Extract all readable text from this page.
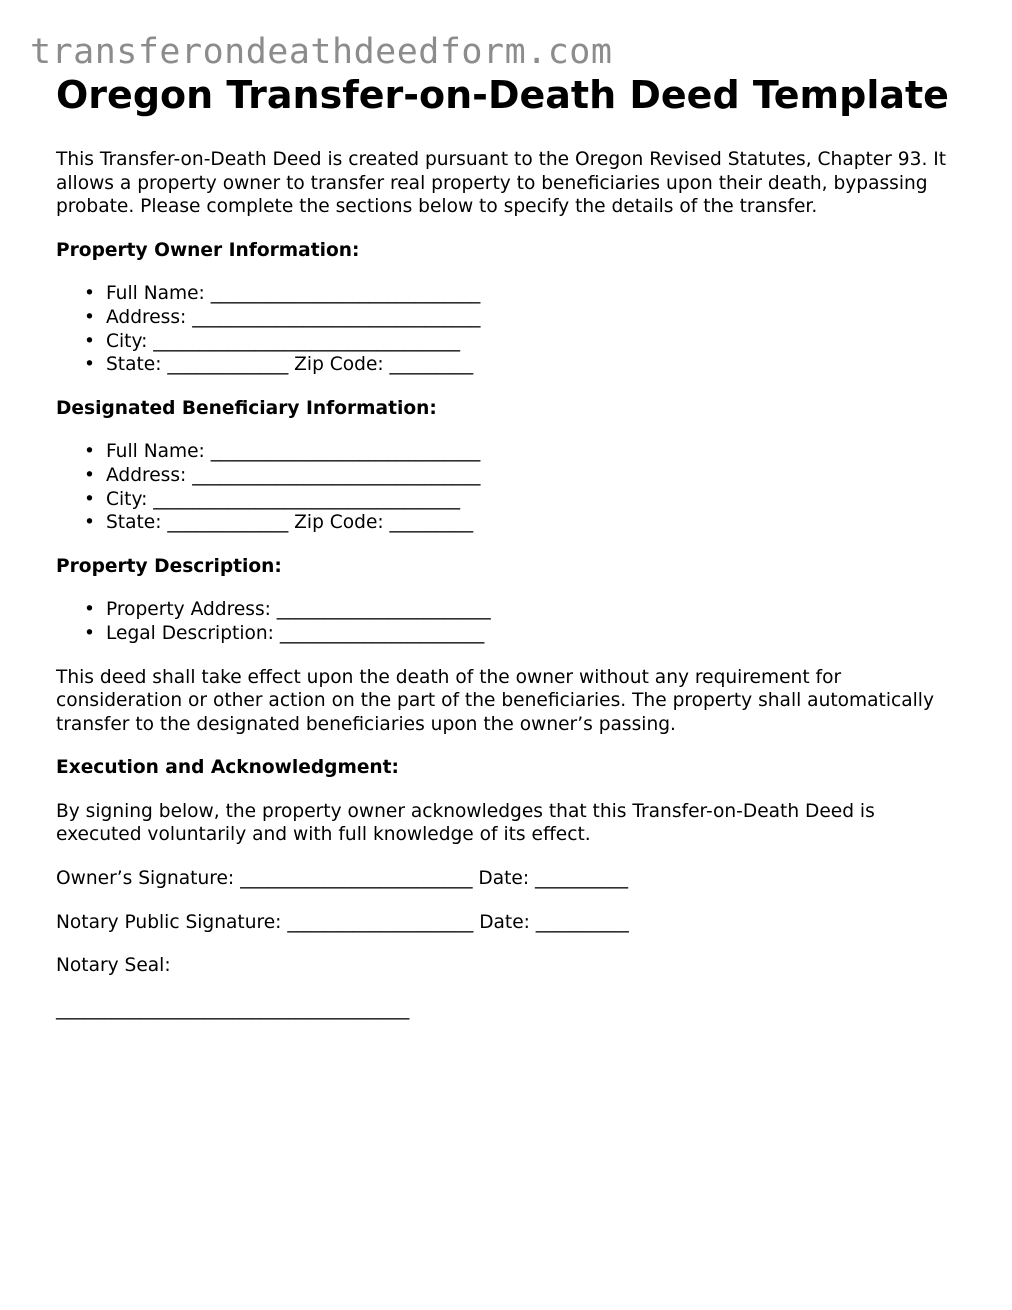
transferondeathdeedform.com
Oregon Transfer-on-Death Deed Template

This Transfer-on-Death Deed is created pursuant to the Oregon Revised Statutes, Chapter 93. It allows a property owner to transfer real property to beneficiaries upon their death, bypassing probate. Please complete the sections below to specify the details of the transfer.

Property Owner Information:
• Full Name: _____________________________
• Address: _______________________________
• City: _________________________________
• State: _____________ Zip Code: _________
Designated Beneficiary Information:
• Full Name: _____________________________
• Address: _______________________________
• City: _________________________________
• State: _____________ Zip Code: _________
Property Description:
• Property Address: _______________________
• Legal Description: ______________________

This deed shall take effect upon the death of the owner without any requirement for consideration or other action on the part of the beneficiaries. The property shall automatically transfer to the designated beneficiaries upon the owner’s passing.

Execution and Acknowledgment:

By signing below, the property owner acknowledges that this Transfer-on-Death Deed is executed voluntarily and with full knowledge of its effect.

Owner’s Signature: _________________________ Date: __________

Notary Public Signature: ____________________ Date: __________

Notary Seal:

______________________________________
